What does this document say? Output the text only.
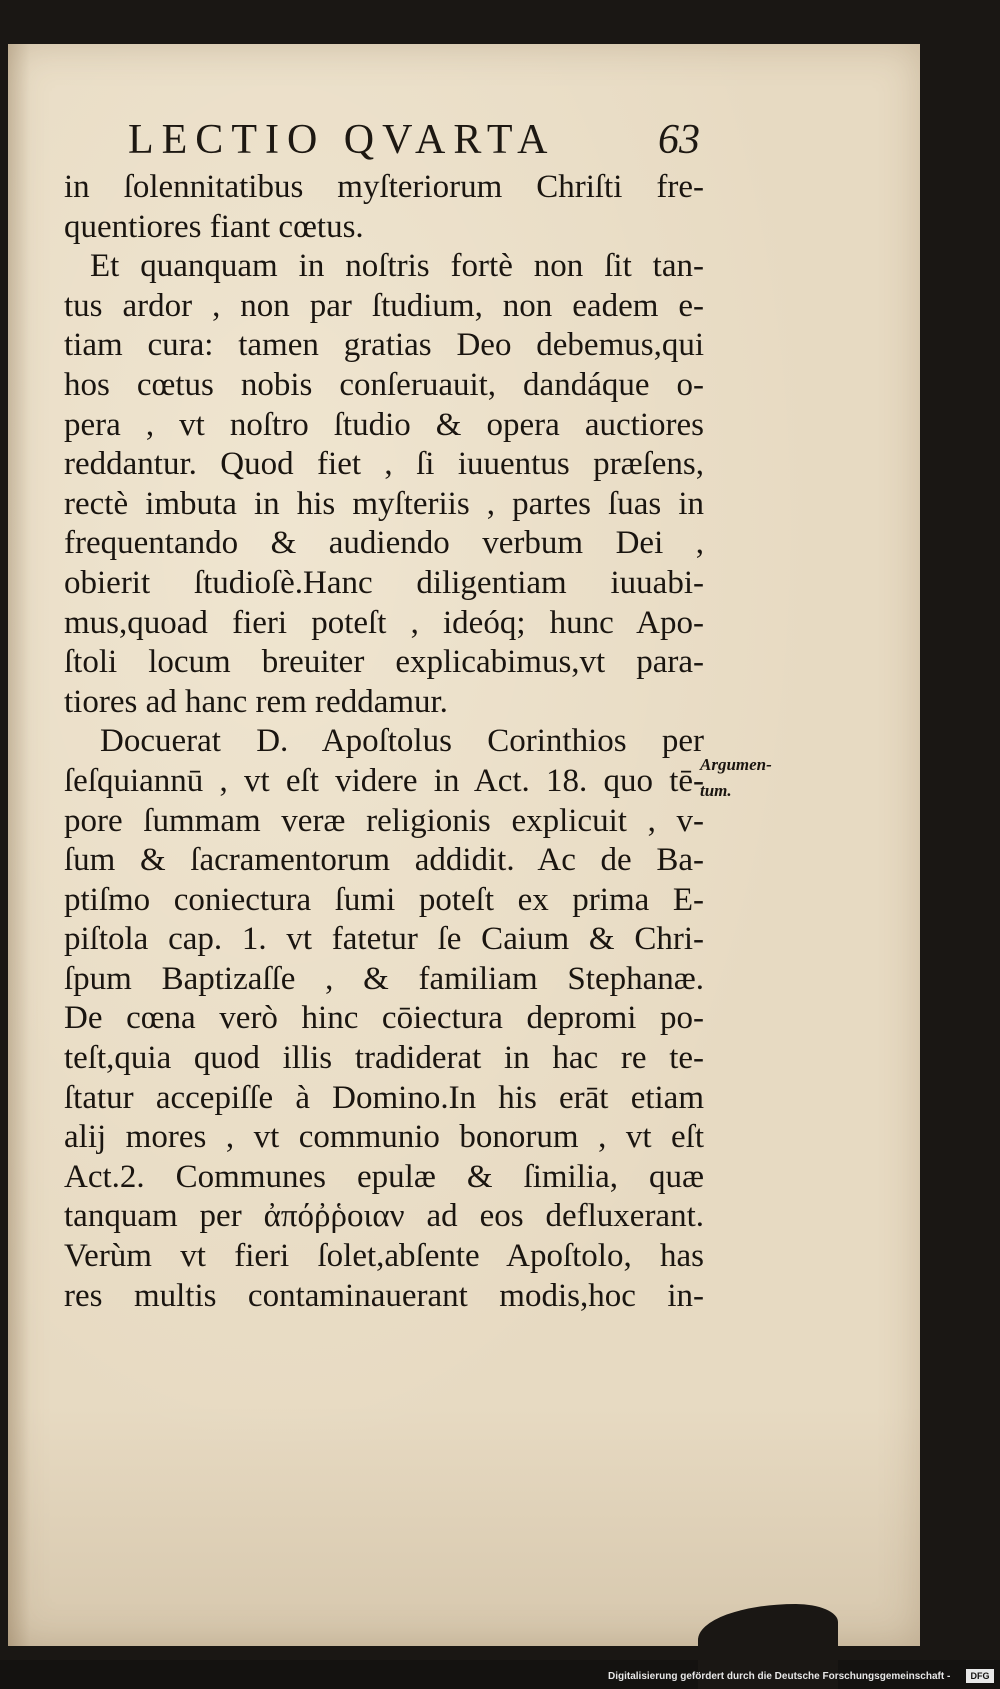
LECTIO QVARTA 63
in ſolennitatibus myſteriorum Chriſti fre-
quentiores fiant cœtus.
Et quanquam in noſtris fortè non ſit tan-
tus ardor , non par ſtudium, non eadem e-
tiam cura: tamen gratias Deo debemus,qui
hos cœtus nobis conſeruauit, dandáque o-
pera , vt noſtro ſtudio & opera auctiores
reddantur. Quod fiet , ſi iuuentus præſens,
rectè imbuta in his myſteriis , partes ſuas in
frequentando & audiendo verbum Dei ,
obierit ſtudioſè.Hanc diligentiam iuuabi-
mus,quoad fieri poteſt , ideóq; hunc Apo-
ſtoli locum breuiter explicabimus,vt para-
tiores ad hanc rem reddamur.
Docuerat D. Apoſtolus Corinthios per
ſeſquiannū , vt eſt videre in Act. 18. quo tē-
pore ſummam veræ religionis explicuit , v-
ſum & ſacramentorum addidit. Ac de Ba-
ptiſmo coniectura ſumi poteſt ex prima E-
piſtola cap. 1. vt fatetur ſe Caium & Chri-
ſpum Baptizaſſe , & familiam Stephanæ.
De cœna verò hinc cōiectura depromi po-
teſt,quia quod illis tradiderat in hac re te-
ſtatur accepiſſe à Domino.In his erāt etiam
alij mores , vt communio bonorum , vt eſt
Act.2. Communes epulæ & ſimilia, quæ
tanquam per ἀπόῤῥοιαν ad eos defluxerant.
Verùm vt fieri ſolet,abſente Apoſtolo, has
res multis contaminauerant modis,hoc in-
Argumen-
tum.
Digitalisierung gefördert durch die Deutsche Forschungsgemeinschaft -	DFG
